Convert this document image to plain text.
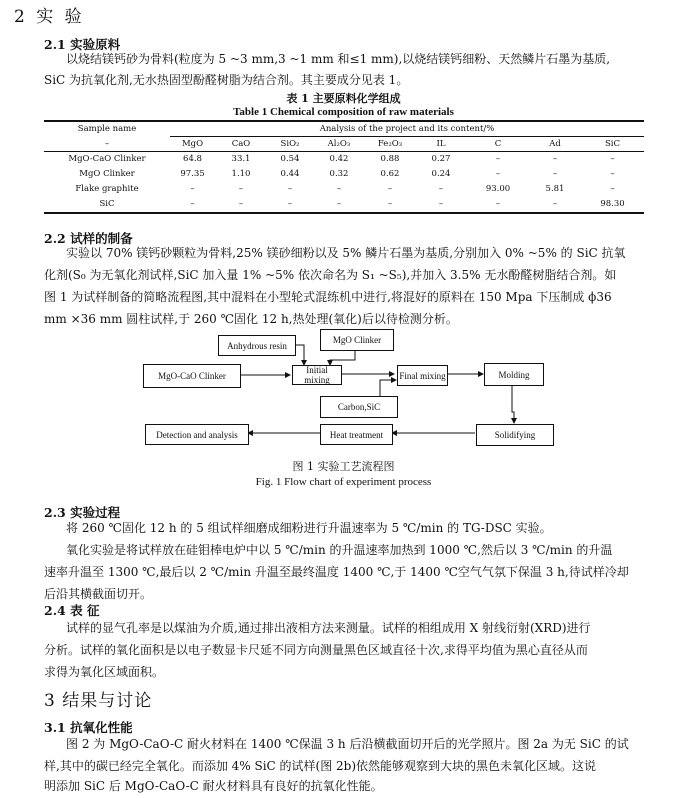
2 实 验
2.1 实验原料
以烧结镁钙砂为骨料(粒度为 5 ~3 mm,3 ~1 mm 和≤1 mm),以烧结镁钙细粉、天然鳞片石墨为基质,
SiC 为抗氧化剂,无水热固型酚醛树脂为结合剂。其主要成分见表 1。
表 1 主要原料化学组成
Table 1 Chemical composition of raw materials
Sample name	Analysis of the project and its content/%								
–	MgO	CaO	SiO₂	Al₂O₃	Fe₂O₃	IL	C	Ad	SiC
MgO-CaO Clinker	64.8	33.1	0.54	0.42	0.88	0.27	–	–	–
MgO Clinker	97.35	1.10	0.44	0.32	0.62	0.24	–	–	–
Flake graphite	–	–	–	–	–	–	93.00	5.81	–
SiC	–	–	–	–	–	–	–	–	98.30
2.2 试样的制备
实验以 70% 镁钙砂颗粒为骨料,25% 镁砂细粉以及 5% 鳞片石墨为基质,分别加入 0% ~5% 的 SiC 抗氧
化剂(S₀ 为无氧化剂试样,SiC 加入量 1% ~5% 依次命名为 S₁ ~S₅),并加入 3.5% 无水酚醛树脂结合剂。如
图 1 为试样制备的简略流程图,其中混料在小型轮式混练机中进行,将混好的原料在 150 Mpa 下压制成 ϕ36
mm ×36 mm 圆柱试样,于 260 ℃固化 12 h,热处理(氧化)后以待检测分析。
Anhydrous resin
MgO Clinker
MgO-CaO Clinker
Initial mixing	Final mixing	Molding
Carbon,SiC
Detection and analysis	Heat treatment	Solidifying
图 1 实验工艺流程图
Fig. 1 Flow chart of experiment process
2.3 实验过程
将 260 ℃固化 12 h 的 5 组试样细磨成细粉进行升温速率为 5 ℃/min 的 TG-DSC 实验。
氧化实验是将试样放在硅钼棒电炉中以 5 ℃/min 的升温速率加热到 1000 ℃,然后以 3 ℃/min 的升温
速率升温至 1300 ℃,最后以 2 ℃/min 升温至最终温度 1400 ℃,于 1400 ℃空气气氛下保温 3 h,待试样冷却
后沿其横截面切开。
2.4 表 征
试样的显气孔率是以煤油为介质,通过排出液相方法来测量。试样的相组成用 X 射线衍射(XRD)进行
分析。试样的氧化面积是以电子数显卡尺延不同方向测量黑色区域直径十次,求得平均值为黑心直径从而
求得为氧化区域面积。
3 结果与讨论
3.1 抗氧化性能
图 2 为 MgO-CaO-C 耐火材料在 1400 ℃保温 3 h 后沿横截面切开后的光学照片。图 2a 为无 SiC 的试
样,其中的碳已经完全氧化。而添加 4% SiC 的试样(图 2b)依然能够观察到大块的黑色未氧化区域。这说
明添加 SiC 后 MgO-CaO-C 耐火材料具有良好的抗氧化性能。
